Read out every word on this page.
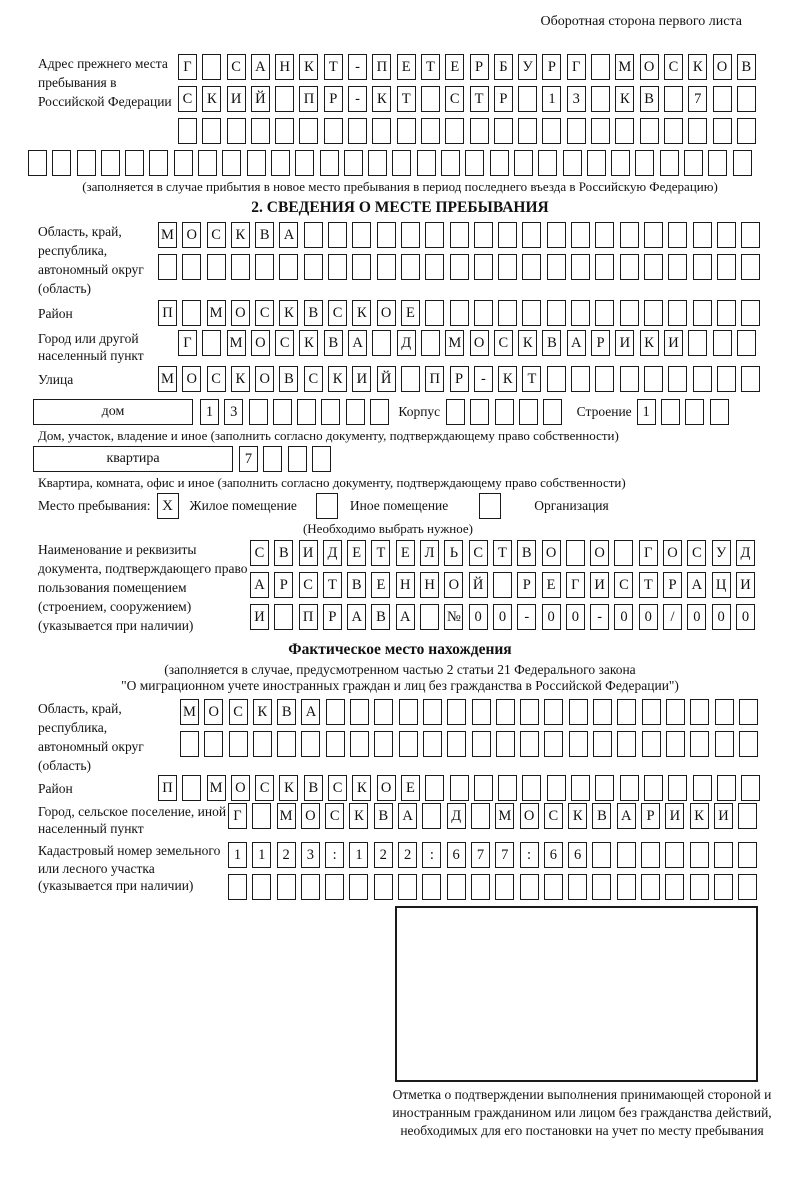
Оборотная сторона первого листа
Адрес прежнего места пребывания в Российской Федерации
Г	С А Н К	Т	-	П	Е	Т	Е	Р	Б	У	Р	Г	М О С	К О В
С	К И Й	П	Р	-	К	Т	С	Т	Р	1	3	К	В	7
(заполняется в случае прибытия в новое место пребывания в период последнего въезда в Российскую Федерацию)
2. СВЕДЕНИЯ О МЕСТЕ ПРЕБЫВАНИЯ
Область, край, республика, автономный округ (область)
М О С	К	В А
Район	П	М О С	К	В	С	К О	Е
Город или другой населенный пункт
Г	М О С	К	В А	Д	М О С	К	В А	Р	И К И
Улица	М О С	К О В	С	К И Й	П	Р	-	К	Т
дом	1	3	Корпус	Строение 1
Дом, участок, владение и иное (заполнить согласно документу, подтверждающему право собственности)
квартира	7
Квартира, комната, офис и иное (заполнить согласно документу, подтверждающему право собственности)
Место пребывания: X	Жилое помещение	Иное помещение	Организация
(Необходимо выбрать нужное)
Наименование и реквизиты документа, подтверждающего право пользования помещением (строением, сооружением) (указывается при наличии)
С	В И Д	Е	Т	Е	Л	Ь	С	Т	В О	О	Г	О С У Д
А	Р	С	Т	В	Е	Н Н О Й	Р	Е	Г	И С	Т	Р	А Ц И
И	П	Р	А В А	№ 0	0	-	0	0	-	0	0	/	0	0	0
Фактическое место нахождения
(заполняется в случае, предусмотренном частью 2 статьи 21 Федерального закона
"О миграционном учете иностранных граждан и лиц без гражданства в Российской Федерации")
Область, край, республика, автономный округ (область)
М О С	К	В А
Район	П	М О С	К	В	С	К О	Е
Город, сельское поселение, иной населенный пункт
Г	М О С	К	В А	Д	М О С	К	В А	Р	И К И
Кадастровый номер земельного или лесного участка (указывается при наличии)
1	1	2	3	:	1	2	2	:	6	7	7	:	6	6
Отметка о подтверждении выполнения принимающей стороной и иностранным гражданином или лицом без гражданства действий, необходимых для его постановки на учет по месту пребывания
